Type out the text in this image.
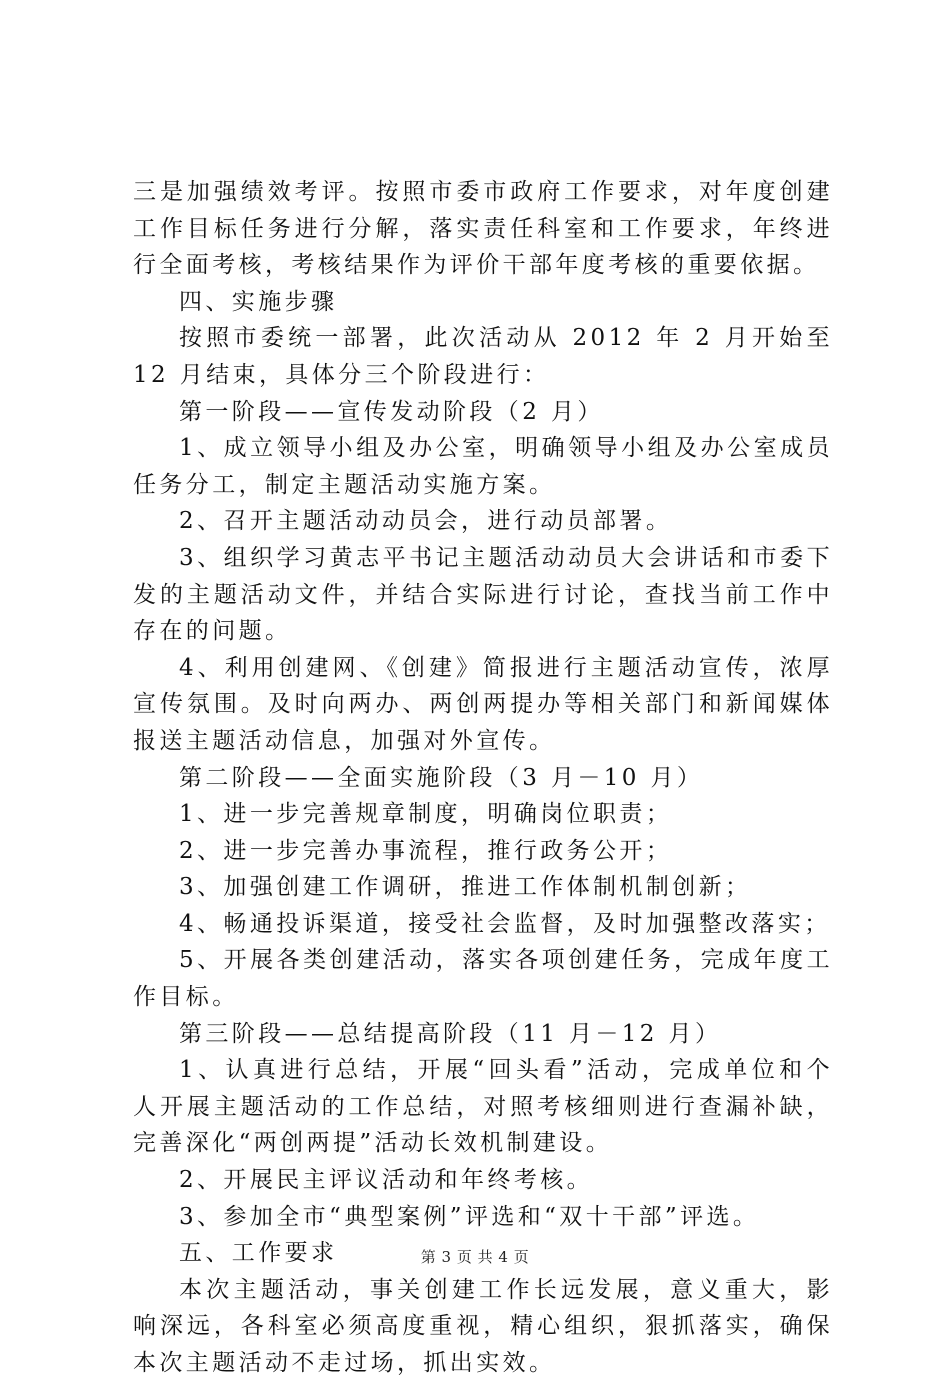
三是加强绩效考评。按照市委市政府工作要求，对年度创建工作目标任务进行分解，落实责任科室和工作要求，年终进行全面考核，考核结果作为评价干部年度考核的重要依据。

四、实施步骤

按照市委统一部署，此次活动从 2012 年 2 月开始至 12 月结束，具体分三个阶段进行：

第一阶段——宣传发动阶段（2 月）

1、成立领导小组及办公室，明确领导小组及办公室成员任务分工，制定主题活动实施方案。

2、召开主题活动动员会，进行动员部署。

3、组织学习黄志平书记主题活动动员大会讲话和市委下发的主题活动文件，并结合实际进行讨论，查找当前工作中存在的问题。

4、利用创建网、《创建》简报进行主题活动宣传，浓厚宣传氛围。及时向两办、两创两提办等相关部门和新闻媒体报送主题活动信息，加强对外宣传。

第二阶段——全面实施阶段（3 月－10 月）

1、进一步完善规章制度，明确岗位职责；

2、进一步完善办事流程，推行政务公开；

3、加强创建工作调研，推进工作体制机制创新；

4、畅通投诉渠道，接受社会监督，及时加强整改落实；

5、开展各类创建活动，落实各项创建任务，完成年度工作目标。

第三阶段——总结提高阶段（11 月－12 月）

1、认真进行总结，开展“回头看”活动，完成单位和个人开展主题活动的工作总结，对照考核细则进行查漏补缺，完善深化“两创两提”活动长效机制建设。

2、开展民主评议活动和年终考核。

3、参加全市“典型案例”评选和“双十干部”评选。

五、工作要求

本次主题活动，事关创建工作长远发展，意义重大，影响深远，各科室必须高度重视，精心组织，狠抓落实，确保本次主题活动不走过场，抓出实效。

第 3 页 共 4 页
